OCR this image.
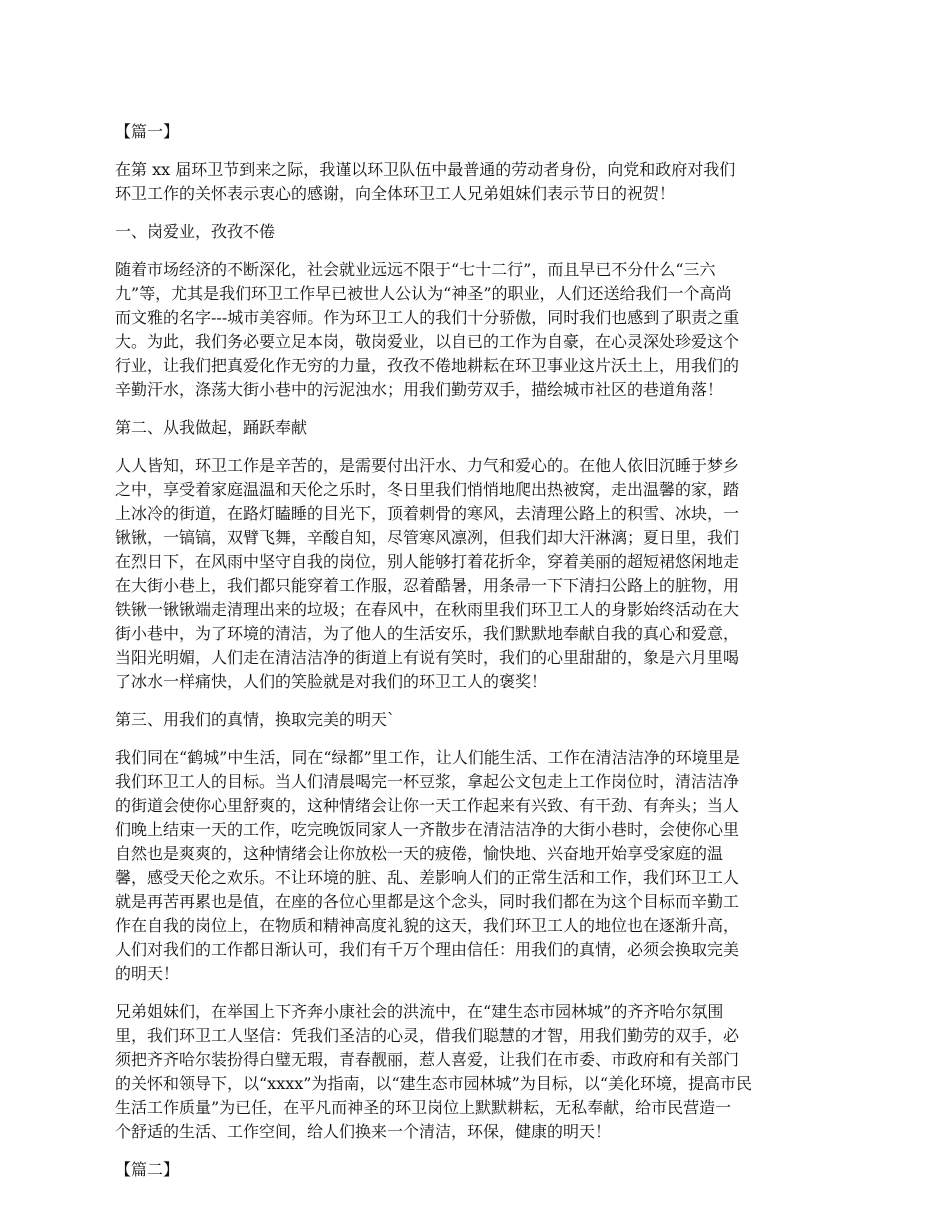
【篇一】
在第 xx 届环卫节到来之际，我谨以环卫队伍中最普通的劳动者身份，向党和政府对我们
环卫工作的关怀表示衷心的感谢，向全体环卫工人兄弟姐妹们表示节日的祝贺！
一、岗爱业，孜孜不倦
随着市场经济的不断深化，社会就业远远不限于“七十二行”，而且早已不分什么“三六
九”等，尤其是我们环卫工作早已被世人公认为“神圣”的职业，人们还送给我们一个高尚
而文雅的名字---城市美容师。作为环卫工人的我们十分骄傲，同时我们也感到了职责之重
大。为此，我们务必要立足本岗，敬岗爱业，以自已的工作为自豪，在心灵深处珍爱这个
行业，让我们把真爱化作无穷的力量，孜孜不倦地耕耘在环卫事业这片沃土上，用我们的
辛勤汗水，涤荡大街小巷中的污泥浊水；用我们勤劳双手，描绘城市社区的巷道角落！
第二、从我做起，踊跃奉献
人人皆知，环卫工作是辛苦的，是需要付出汗水、力气和爱心的。在他人依旧沉睡于梦乡
之中，享受着家庭温温和天伦之乐时，冬日里我们悄悄地爬出热被窝，走出温馨的家，踏
上冰冷的街道，在路灯瞌睡的目光下，顶着刺骨的寒风，去清理公路上的积雪、冰块，一
锹锹，一镐镐，双臂飞舞，辛酸自知，尽管寒风凛冽，但我们却大汗淋漓；夏日里，我们
在烈日下，在风雨中坚守自我的岗位，别人能够打着花折伞，穿着美丽的超短裙悠闲地走
在大街小巷上，我们都只能穿着工作服，忍着酷暑，用条帚一下下清扫公路上的脏物，用
铁锹一锹锹端走清理出来的垃圾；在春风中，在秋雨里我们环卫工人的身影始终活动在大
街小巷中，为了环境的清洁，为了他人的生活安乐，我们默默地奉献自我的真心和爱意，
当阳光明媚，人们走在清洁洁净的街道上有说有笑时，我们的心里甜甜的，象是六月里喝
了冰水一样痛快，人们的笑脸就是对我们的环卫工人的褒奖！
第三、用我们的真情，换取完美的明天`
我们同在“鹤城”中生活，同在“绿都”里工作，让人们能生活、工作在清洁洁净的环境里是
我们环卫工人的目标。当人们清晨喝完一杯豆浆，拿起公文包走上工作岗位时，清洁洁净
的街道会使你心里舒爽的，这种情绪会让你一天工作起来有兴致、有干劲、有奔头；当人
们晚上结束一天的工作，吃完晚饭同家人一齐散步在清洁洁净的大街小巷时，会使你心里
自然也是爽爽的，这种情绪会让你放松一天的疲倦，愉快地、兴奋地开始享受家庭的温
馨，感受天伦之欢乐。不让环境的脏、乱、差影响人们的正常生活和工作，我们环卫工人
就是再苦再累也是值，在座的各位心里都是这个念头，同时我们都在为这个目标而辛勤工
作在自我的岗位上，在物质和精神高度礼貌的这天，我们环卫工人的地位也在逐渐升高，
人们对我们的工作都日渐认可，我们有千万个理由信任：用我们的真情，必须会换取完美
的明天！
兄弟姐妹们，在举国上下齐奔小康社会的洪流中，在“建生态市园林城”的齐齐哈尔氛围
里，我们环卫工人坚信：凭我们圣洁的心灵，借我们聪慧的才智，用我们勤劳的双手，必
须把齐齐哈尔装扮得白璧无瑕，青春靓丽，惹人喜爱，让我们在市委、市政府和有关部门
的关怀和领导下，以“xxxx”为指南，以“建生态市园林城”为目标，以“美化环境，提高市民
生活工作质量”为已任，在平凡而神圣的环卫岗位上默默耕耘，无私奉献，给市民营造一
个舒适的生活、工作空间，给人们换来一个清洁，环保，健康的明天！
【篇二】
